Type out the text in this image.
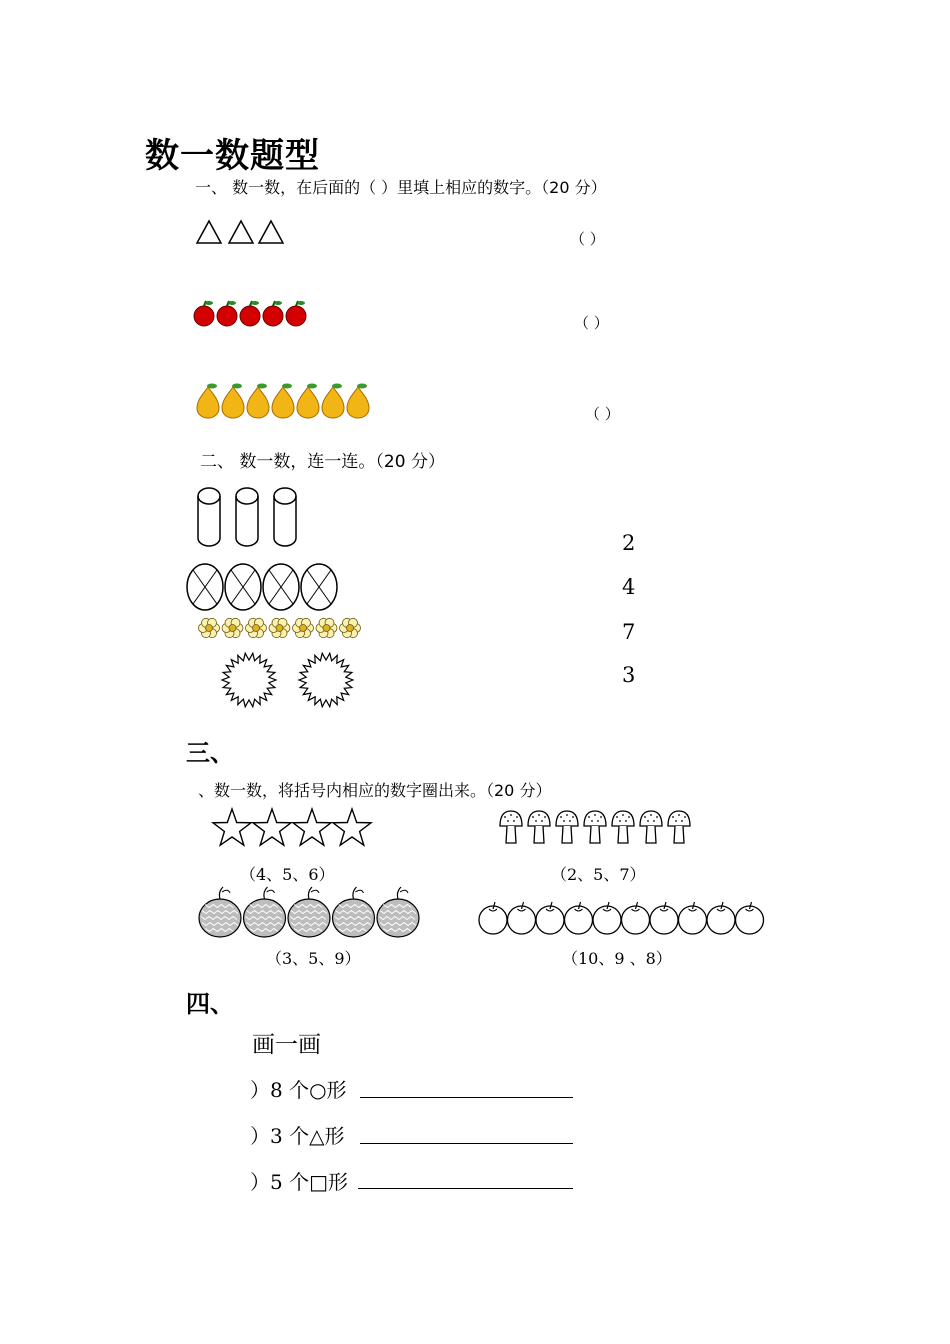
数一数题型
一、 数一数，在后面的（ ）里填上相应的数字。（20 分）
（ ）
（ ）
（ ）
二、 数一数，连一连。（20 分）
2
4
7
3
三、
、数一数，将括号内相应的数字圈出来。（20 分）
（4、5、6）	（2、5、7）
（3、5、9）	（10、9 、8）
四、
画一画
）8 个○形
）3 个△形
）5 个□形
